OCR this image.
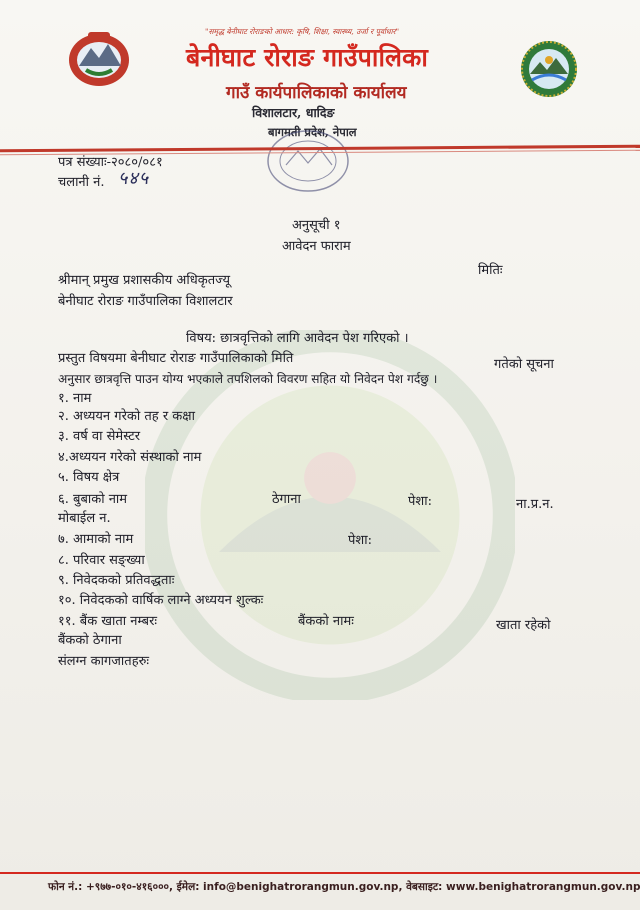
"समृद्ध बेनीघाट रोराङको आधार: कृषि, शिक्षा, स्वास्थ्य, उर्जा र पूर्वाधार"
बेनीघाट रोराङ गाउँपालिका
गाउँ कार्यपालिकाको कार्यालय
विशालटार, धादिङ
बागमती प्रदेश, नेपाल
पत्र संख्याः-२०८०/०८१
चलानी नं. ५४५
अनुसूची १
आवेदन फाराम
मितिः
श्रीमान् प्रमुख प्रशासकीय अधिकृतज्यू
बेनीघाट रोराङ गाउँपालिका विशालटार
विषय: छात्रवृत्तिको लागि आवेदन पेश गरिएको ।
प्रस्तुत विषयमा बेनीघाट रोराङ गाउँपालिकाको मिति	गतेको सूचना
अनुसार छात्रवृत्ति पाउन योग्य भएकाले तपशिलको विवरण सहित यो निवेदन पेश गर्दछु ।
१. नाम
२. अध्ययन गरेको तह र कक्षा
३. वर्ष वा सेमेस्टर
४.अध्ययन गरेको संस्थाको नाम
५. विषय क्षेत्र
६. बुबाको नाम	ठेगाना	पेशा:	ना.प्र.न.
मोबाईल न.
७. आमाको नाम	पेशा:
८. परिवार सङ्ख्या
९. निवेदकको प्रतिवद्धताः
१०. निवेदकको वार्षिक लाग्ने अध्ययन शुल्कः
११. बैंक खाता नम्बरः	बैंकको नामः	खाता रहेको
बैंकको ठेगाना
संलग्न कागजातहरुः
फोन नं.: +९७७-०१०-४१६०००, ईमेल: info@benighatrorangmun.gov.np, वेबसाइट: www.benighatrorangmun.gov.np
